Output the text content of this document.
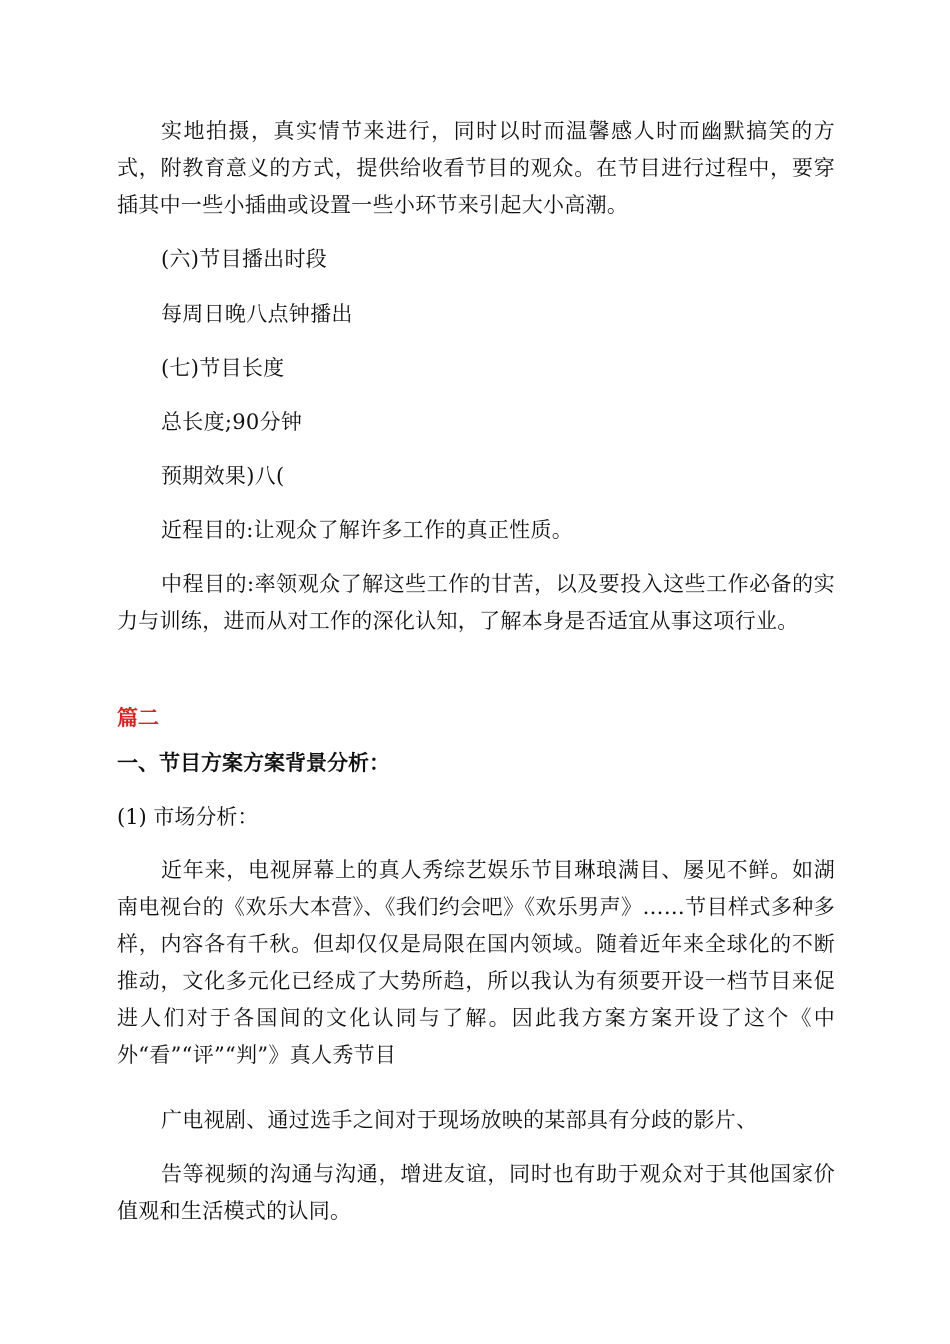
实地拍摄，真实情节来进行，同时以时而温馨感人时而幽默搞笑的方式，附教育意义的方式，提供给收看节目的观众。在节目进行过程中，要穿插其中一些小插曲或设置一些小环节来引起大小高潮。

(六)节目播出时段

每周日晚八点钟播出

(七)节目长度

总长度;90分钟

预期效果)八(

近程目的:让观众了解许多工作的真正性质。

中程目的:率领观众了解这些工作的甘苦，以及要投入这些工作必备的实力与训练，进而从对工作的深化认知，了解本身是否适宜从事这项行业。

篇二
一、节目方案方案背景分析：

(1) 市场分析：

近年来，电视屏幕上的真人秀综艺娱乐节目琳琅满目、屡见不鲜。如湖南电视台的《欢乐大本营》、《我们约会吧》《欢乐男声》……节目样式多种多样，内容各有千秋。但却仅仅是局限在国内领域。随着近年来全球化的不断推动，文化多元化已经成了大势所趋，所以我认为有须要开设一档节目来促进人们对于各国间的文化认同与了解。因此我方案方案开设了这个《中外“看”“评”“判”》真人秀节目

广电视剧、通过选手之间对于现场放映的某部具有分歧的影片、

告等视频的沟通与沟通，增进友谊，同时也有助于观众对于其他国家价值观和生活模式的认同。
